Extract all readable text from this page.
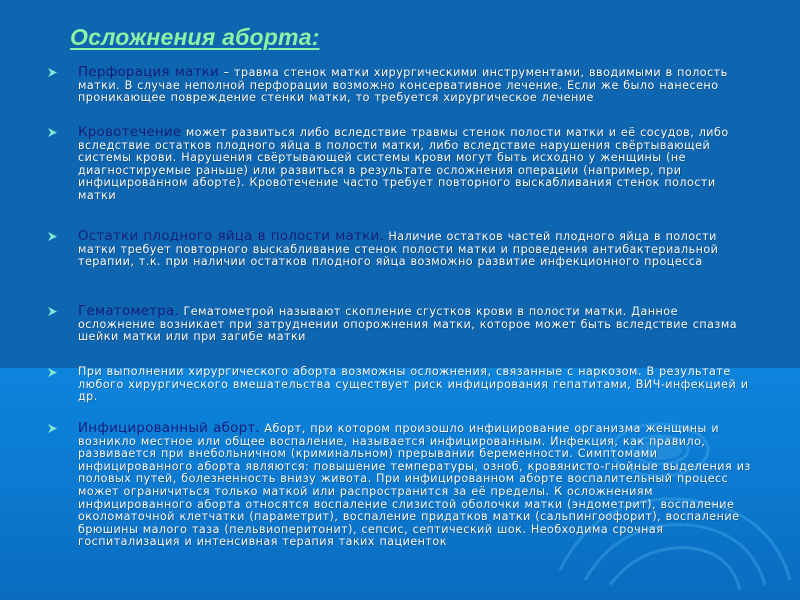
Осложнения аборта:
Перфорация матки – травма стенок матки хирургическими инструментами, вводимыми в полость матки. В случае неполной перфорации возможно консервативное лечение. Если же было нанесено проникающее повреждение стенки матки, то требуется хирургическое лечение
Кровотечение может развиться либо вследствие травмы стенок полости матки и её сосудов, либо вследствие остатков плодного яйца в полости матки, либо вследствие нарушения свёртывающей системы крови. Нарушения свёртывающей системы крови могут быть исходно у женщины (не диагностируемые раньше) или развиться в результате осложнения операции (например, при инфицированном аборте). Кровотечение часто требует повторного выскабливания стенок полости матки
Остатки плодного яйца в полости матки. Наличие остатков частей плодного яйца в полости матки требует повторного выскабливание стенок полости матки и проведения антибактериальной терапии, т.к. при наличии остатков плодного яйца возможно развитие инфекционного процесса
Гематометра. Гематометрой называют скопление сгустков крови в полости матки. Данное осложнение возникает при затруднении опорожнения матки, которое может быть вследствие спазма шейки матки или при загибе матки
При выполнении хирургического аборта возможны осложнения, связанные с наркозом. В результате любого хирургического вмешательства существует риск инфицирования гепатитами, ВИЧ-инфекцией и др.
Инфицированный аборт. Аборт, при котором произошло инфицирование организма женщины и возникло местное или общее воспаление, называется инфицированным. Инфекция, как правило, развивается при внебольничном (криминальном) прерывании беременности. Симптомами инфицированного аборта являются: повышение температуры, озноб, кровянисто-гнойные выделения из половых путей, болезненность внизу живота. При инфицированном аборте воспалительный процесс может ограничиться только маткой или распространится за её пределы. К осложнениям инфицированного аборта относятся воспаление слизистой оболочки матки (эндометрит), воспаление околоматочной клетчатки (параметрит), воспаление придатков матки (сальпингоофорит), воспаление брюшины малого таза (пельвиоперитонит), сепсис, септический шок. Необходима срочная госпитализация и интенсивная терапия таких пациенток
